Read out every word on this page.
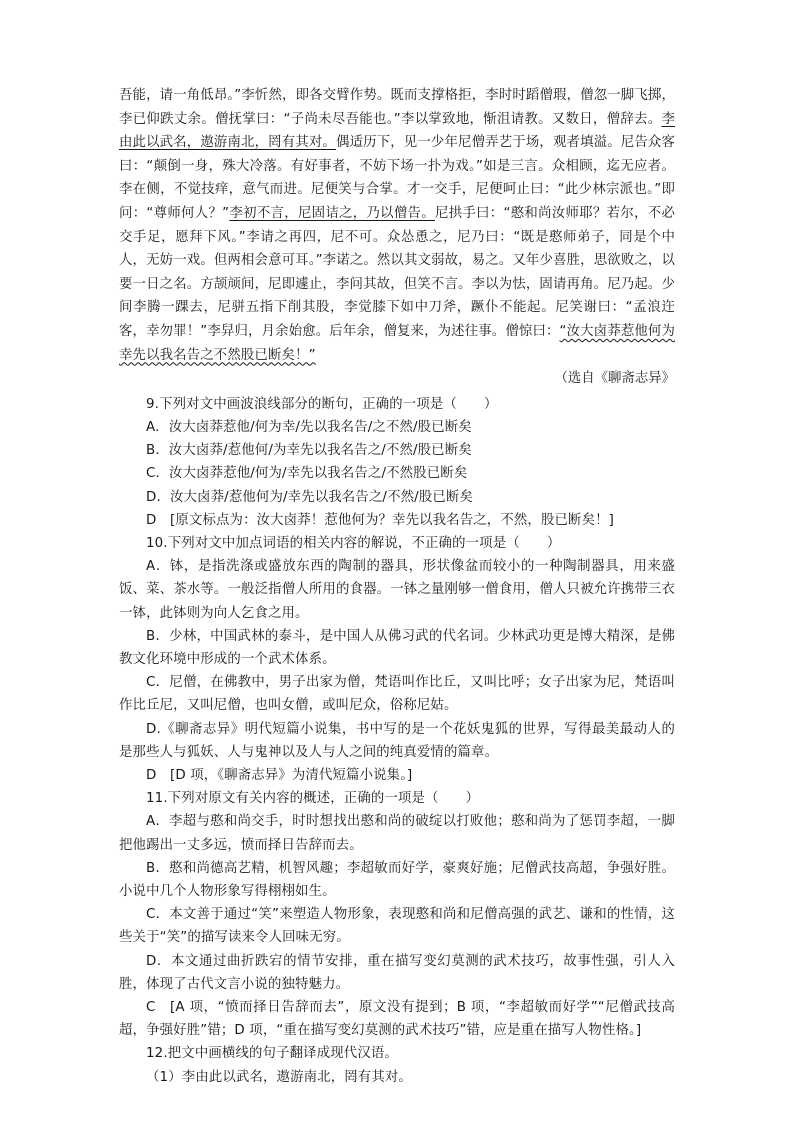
吾能，请一角低昂。”李忻然，即各交臂作势。既而支撑格拒，李时时蹈僧瑕，僧忽一脚飞掷，李已仰跌丈余。僧抚掌曰：“子尚未尽吾能也。”李以掌致地，惭沮请教。又数日，僧辞去。李由此以武名，遨游南北，罔有其对。偶适历下，见一少年尼僧弄艺于场，观者填溢。尼告众客曰：“颠倒一身，殊大冷落。有好事者，不妨下场一扑为戏。”如是三言。众相顾，迄无应者。李在侧，不觉技痒，意气而进。尼便笑与合掌。才一交手，尼便呵止曰：“此少林宗派也。”即问：“尊师何人？”李初不言，尼固诘之，乃以僧告。尼拱手曰：“憨和尚汝师耶？若尔，不必交手足，愿拜下风。”李请之再四，尼不可。众怂恿之，尼乃曰：“既是憨师弟子，同是个中人，无妨一戏。但两相会意可耳。”李诺之。然以其文弱故，易之。又年少喜胜，思欲败之，以要一日之名。方颉颃间，尼即遽止，李问其故，但笑不言。李以为怯，固请再角。尼乃起。少间李腾一踝去，尼骈五指下削其股，李觉膝下如中刀斧，蹶仆不能起。尼笑谢曰：“孟浪迕客，幸勿罪！”李舁归，月余始愈。后年余，僧复来，为述往事。僧惊曰：“汝大卤莽惹他何为幸先以我名告之不然股已断矣！”

（选自《聊斋志异》

9.下列对文中画波浪线部分的断句，正确的一项是（　　）

A．汝大卤莽惹他/何为幸/先以我名告/之不然/股已断矣

B．汝大卤莽/惹他何/为幸先以我名告之/不然/股已断矣

C．汝大卤莽惹他/何为/幸先以我名告之/不然股已断矣

D．汝大卤莽/惹他何为/幸先以我名告之/不然/股已断矣

D　[原文标点为：汝大卤莽！惹他何为？幸先以我名告之，不然，股已断矣！]

10.下列对文中加点词语的相关内容的解说，不正确的一项是（　　）

A．钵，是指洗涤或盛放东西的陶制的器具，形状像盆而较小的一种陶制器具，用来盛饭、菜、茶水等。一般泛指僧人所用的食器。一钵之量刚够一僧食用，僧人只被允许携带三衣一钵，此钵则为向人乞食之用。

B．少林，中国武林的泰斗，是中国人从佛习武的代名词。少林武功更是博大精深，是佛教文化环境中形成的一个武术体系。

C．尼僧，在佛教中，男子出家为僧，梵语叫作比丘，又叫比呼；女子出家为尼，梵语叫作比丘尼，又叫尼僧，也叫女僧，或叫尼众，俗称尼姑。

D.《聊斋志异》明代短篇小说集，书中写的是一个花妖鬼狐的世界，写得最美最动人的是那些人与狐妖、人与鬼神以及人与人之间的纯真爱情的篇章。

D　[D 项，《聊斋志异》为清代短篇小说集。]

11.下列对原文有关内容的概述，正确的一项是（　　）

A．李超与憨和尚交手，时时想找出憨和尚的破绽以打败他；憨和尚为了惩罚李超，一脚把他踢出一丈多远，愤而择日告辞而去。

B．憨和尚德高艺精，机智风趣；李超敏而好学，豪爽好施；尼僧武技高超，争强好胜。小说中几个人物形象写得栩栩如生。

C．本文善于通过“笑”来塑造人物形象，表现憨和尚和尼僧高强的武艺、谦和的性情，这些关于“笑”的描写读来令人回味无穷。

D．本文通过曲折跌宕的情节安排，重在描写变幻莫测的武术技巧，故事性强，引人入胜，体现了古代文言小说的独特魅力。

C　[A 项，“愤而择日告辞而去”，原文没有提到；B 项，“李超敏而好学”“尼僧武技高超，争强好胜”错；D 项，“重在描写变幻莫测的武术技巧”错，应是重在描写人物性格。]

12.把文中画横线的句子翻译成现代汉语。

（1）李由此以武名，遨游南北，罔有其对。
